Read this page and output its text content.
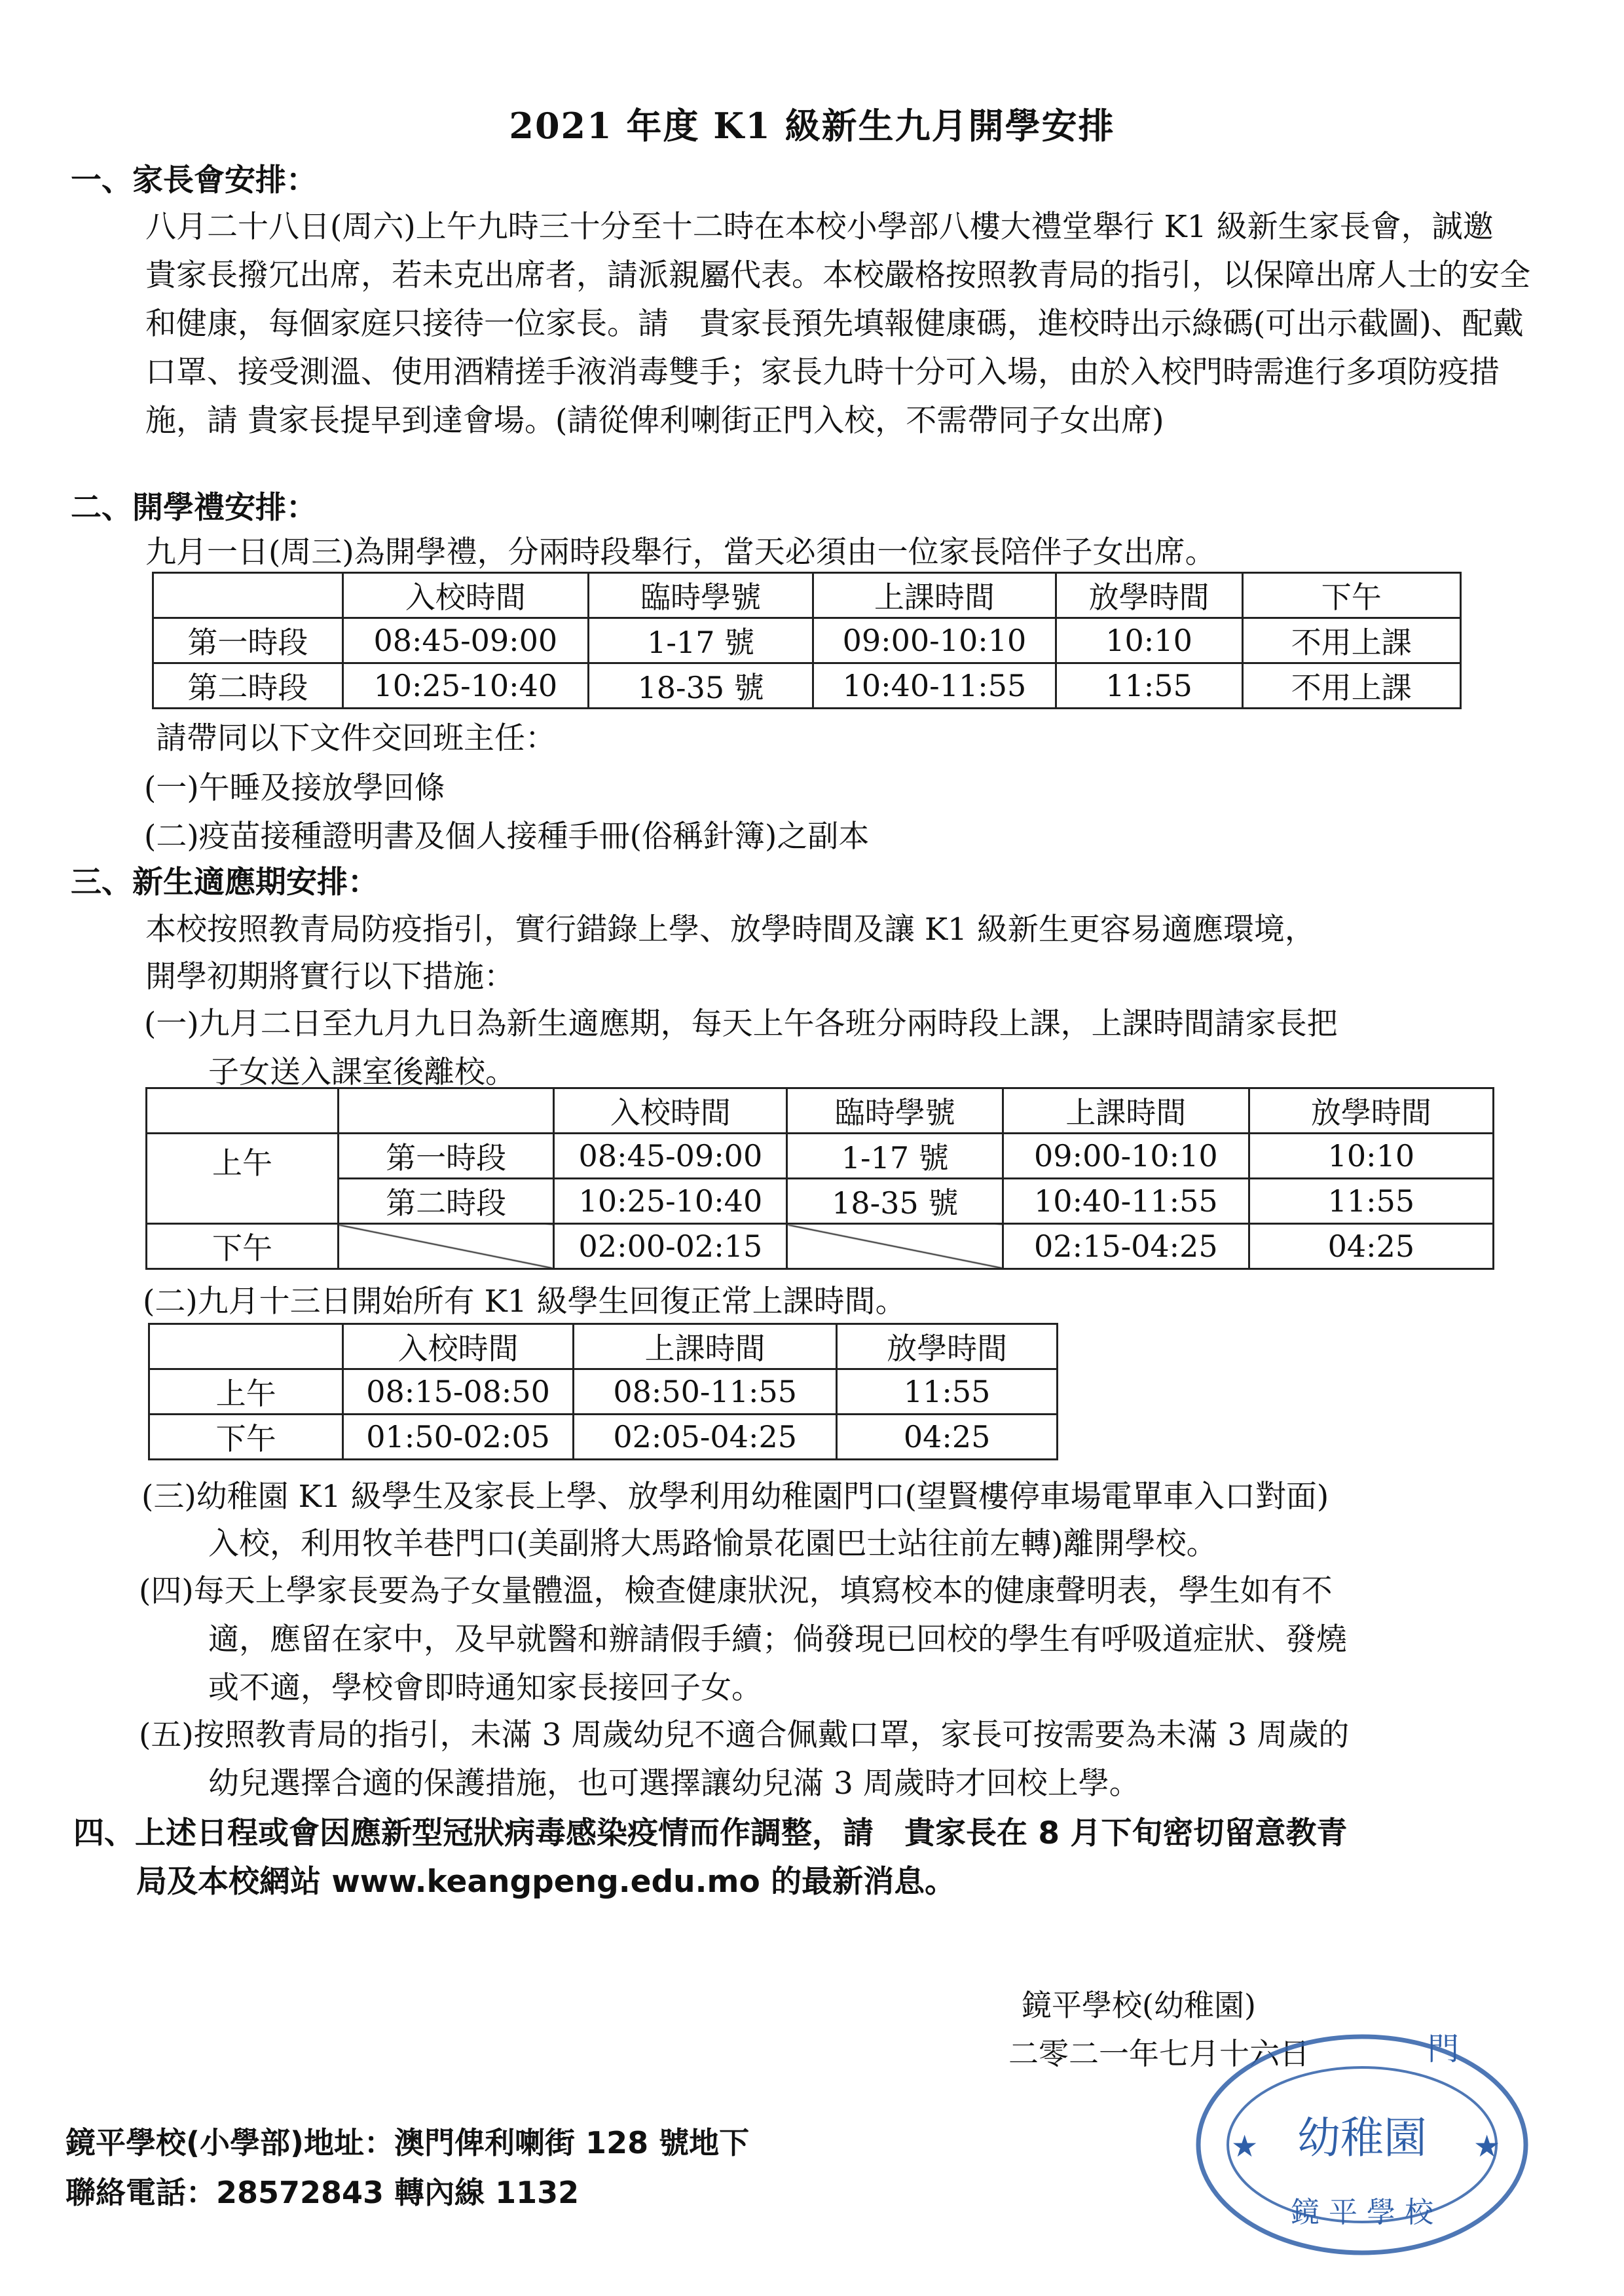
2021 年度 K1 級新生九月開學安排
一、家長會安排：
八月二十八日(周六)上午九時三十分至十二時在本校小學部八樓大禮堂舉行 K1 級新生家長會，誠邀　貴家長撥冗出席，若未克出席者，請派親屬代表。本校嚴格按照教青局的指引，以保障出席人士的安全和健康，每個家庭只接待一位家長。請　貴家長預先填報健康碼，進校時出示綠碼(可出示截圖)、配戴口罩、接受測溫、使用酒精搓手液消毒雙手；家長九時十分可入場，由於入校門時需進行多項防疫措施，請 貴家長提早到達會場。(請從俾利喇街正門入校，不需帶同子女出席)
二、開學禮安排：
九月一日(周三)為開學禮，分兩時段舉行，當天必須由一位家長陪伴子女出席。
	入校時間	臨時學號	上課時間	放學時間	下午
第一時段	08:45-09:00	1-17 號	09:00-10:10	10:10	不用上課
第二時段	10:25-10:40	18-35 號	10:40-11:55	11:55	不用上課
請帶同以下文件交回班主任：
(一)午睡及接放學回條
(二)疫苗接種證明書及個人接種手冊(俗稱針簿)之副本
三、新生適應期安排：
本校按照教青局防疫指引，實行錯錄上學、放學時間及讓 K1 級新生更容易適應環境，
開學初期將實行以下措施：
(一)九月二日至九月九日為新生適應期，每天上午各班分兩時段上課，上課時間請家長把
子女送入課室後離校。
		入校時間	臨時學號	上課時間	放學時間
上午	第一時段	08:45-09:00	1-17 號	09:00-10:10	10:10
	第二時段	10:25-10:40	18-35 號	10:40-11:55	11:55
下午		02:00-02:15		02:15-04:25	04:25
(二)九月十三日開始所有 K1 級學生回復正常上課時間。
	入校時間	上課時間	放學時間
上午	08:15-08:50	08:50-11:55	11:55
下午	01:50-02:05	02:05-04:25	04:25
(三)幼稚園 K1 級學生及家長上學、放學利用幼稚園門口(望賢樓停車場電單車入口對面)
入校，利用牧羊巷門口(美副將大馬路愉景花園巴士站往前左轉)離開學校。
(四)每天上學家長要為子女量體溫，檢查健康狀況，填寫校本的健康聲明表，學生如有不
適，應留在家中，及早就醫和辦請假手續；倘發現已回校的學生有呼吸道症狀、發燒
或不適，學校會即時通知家長接回子女。
(五)按照教青局的指引，未滿 3 周歲幼兒不適合佩戴口罩，家長可按需要為未滿 3 周歲的
幼兒選擇合適的保護措施，也可選擇讓幼兒滿 3 周歲時才回校上學。
四、上述日程或會因應新型冠狀病毒感染疫情而作調整，請　貴家長在 8 月下旬密切留意教青
局及本校網站 www.keangpeng.edu.mo 的最新消息。
鏡平學校(幼稚園)
二零二一年七月十六日	門
幼稚園
★	★
鏡 平 學 校
鏡平學校(小學部)地址：澳門俾利喇街 128 號地下
聯絡電話：28572843 轉內線 1132
